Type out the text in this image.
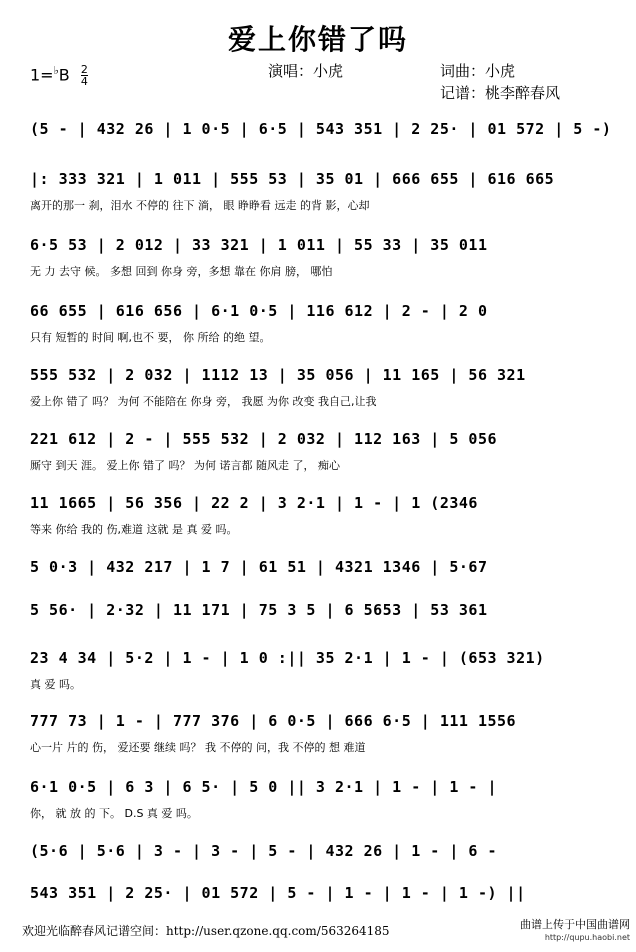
爱上你错了吗
$1=^♭B \frac{2}{4}$	演唱：小虎	词曲：小虎
记谱：桃李醉春风
(5 - | 432 26 | 1 0·5 | 6·5 | 543 351 | 2 25· | 01 572 | 5 -)
|: 333 321 | 1 011 | 555 53 | 35 01 | 666 655 | 616 665
离开的那一 刹，泪水 不停的 往下 淌， 眼 睁睁看 远走 的背 影，心却
6·5 53 | 2 012 | 33 321 | 1 011 | 55 33 | 35 011
无 力 去守 候。 多想 回到 你身 旁，多想 靠在 你肩 膀， 哪怕
66 655 | 616 656 | 6·1 0·5 | 116 612 | 2 - | 2 0
只有 短暂的 时间 啊,也不 要， 你 所给 的绝 望。
555 532 | 2 032 | 1112 13 | 35 056 | 11 165 | 56 321
爱上你 错了 吗？ 为何 不能陪在 你身 旁， 我愿 为你 改变 我自己,让我
221 612 | 2 - | 555 532 | 2 032 | 112 163 | 5 056
厮守 到天 涯。 爱上你 错了 吗？ 为何 诺言都 随风走 了， 痴心
11 1665 | 56 356 | 22 2 | 3 2·1 | 1 - | 1 (2346
等来 你给 我的 伤,难道 这就 是 真 爱 吗。
5 0·3 | 432 217 | 1 7 | 61 51 | 4321 1346 | 5·67
5 56· | 2·32 | 11 171 | 75 3 5 | 6 5653 | 53 361
23 4 34 | 5·2 | 1 - | 1 0 :|| 35 2·1 | 1 - | (653 321)
真 爱 吗。
777 73 | 1 - | 777 376 | 6 0·5 | 666 6·5 | 111 1556
心一片 片的 伤， 爱还要 继续 吗？ 我 不停的 问，我 不停的 想 难道
6·1 0·5 | 6 3 | 6 5· | 5 0 || 3 2·1 | 1 - | 1 - |
你， 就 放 的 下。 D.S 真 爱 吗。
(5·6 | 5·6 | 3 - | 3 - | 5 - | 432 26 | 1 - | 6 -
543 351 | 2 25· | 01 572 | 5 - | 1 - | 1 - | 1 -) ||
欢迎光临醉春风记谱空间：http://user.qzone.qq.com/563264185	曲谱上传于中国曲谱网
http://qupu.haobi.net
